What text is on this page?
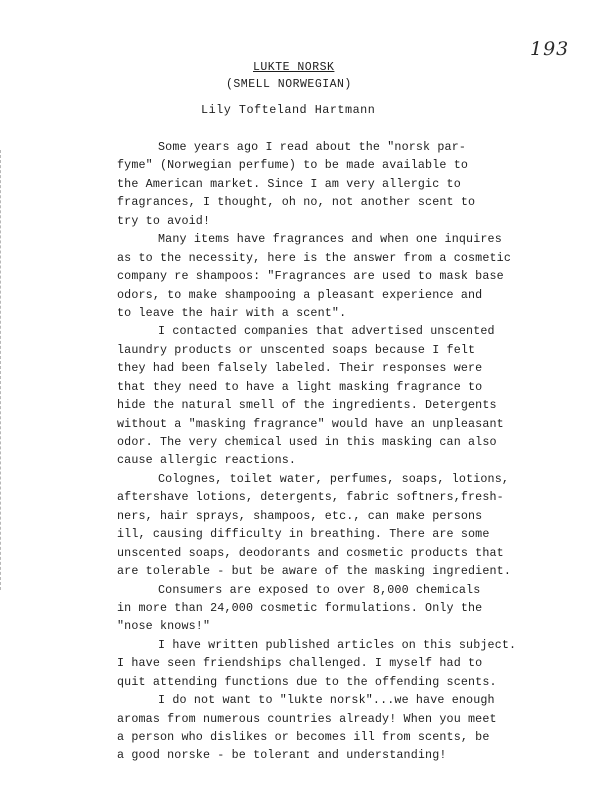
193
LUKTE NORSK
(SMELL NORWEGIAN)
Lily Tofteland Hartmann
Some years ago I read about the "norsk par-
fyme" (Norwegian perfume) to be made available to
the American market. Since I am very allergic to
fragrances, I thought, oh no, not another scent to
try to avoid!
Many items have fragrances and when one inquires
as to the necessity, here is the answer from a cosmetic
company re shampoos: "Fragrances are used to mask base
odors, to make shampooing a pleasant experience and
to leave the hair with a scent".
I contacted companies that advertised unscented
laundry products or unscented soaps because I felt
they had been falsely labeled. Their responses were
that they need to have a light masking fragrance to
hide the natural smell of the ingredients. Detergents
without a "masking fragrance" would have an unpleasant
odor. The very chemical used in this masking can also
cause allergic reactions.
Colognes, toilet water, perfumes, soaps, lotions,
aftershave lotions, detergents, fabric softners,fresh-
ners, hair sprays, shampoos, etc., can make persons
ill, causing difficulty in breathing. There are some
unscented soaps, deodorants and cosmetic products that
are tolerable - but be aware of the masking ingredient.
Consumers are exposed to over 8,000 chemicals
in more than 24,000 cosmetic formulations. Only the
"nose knows!"
I have written published articles on this subject.
I have seen friendships challenged. I myself had to
quit attending functions due to the offending scents.
I do not want to "lukte norsk"...we have enough
aromas from numerous countries already! When you meet
a person who dislikes or becomes ill from scents, be
a good norske - be tolerant and understanding!
